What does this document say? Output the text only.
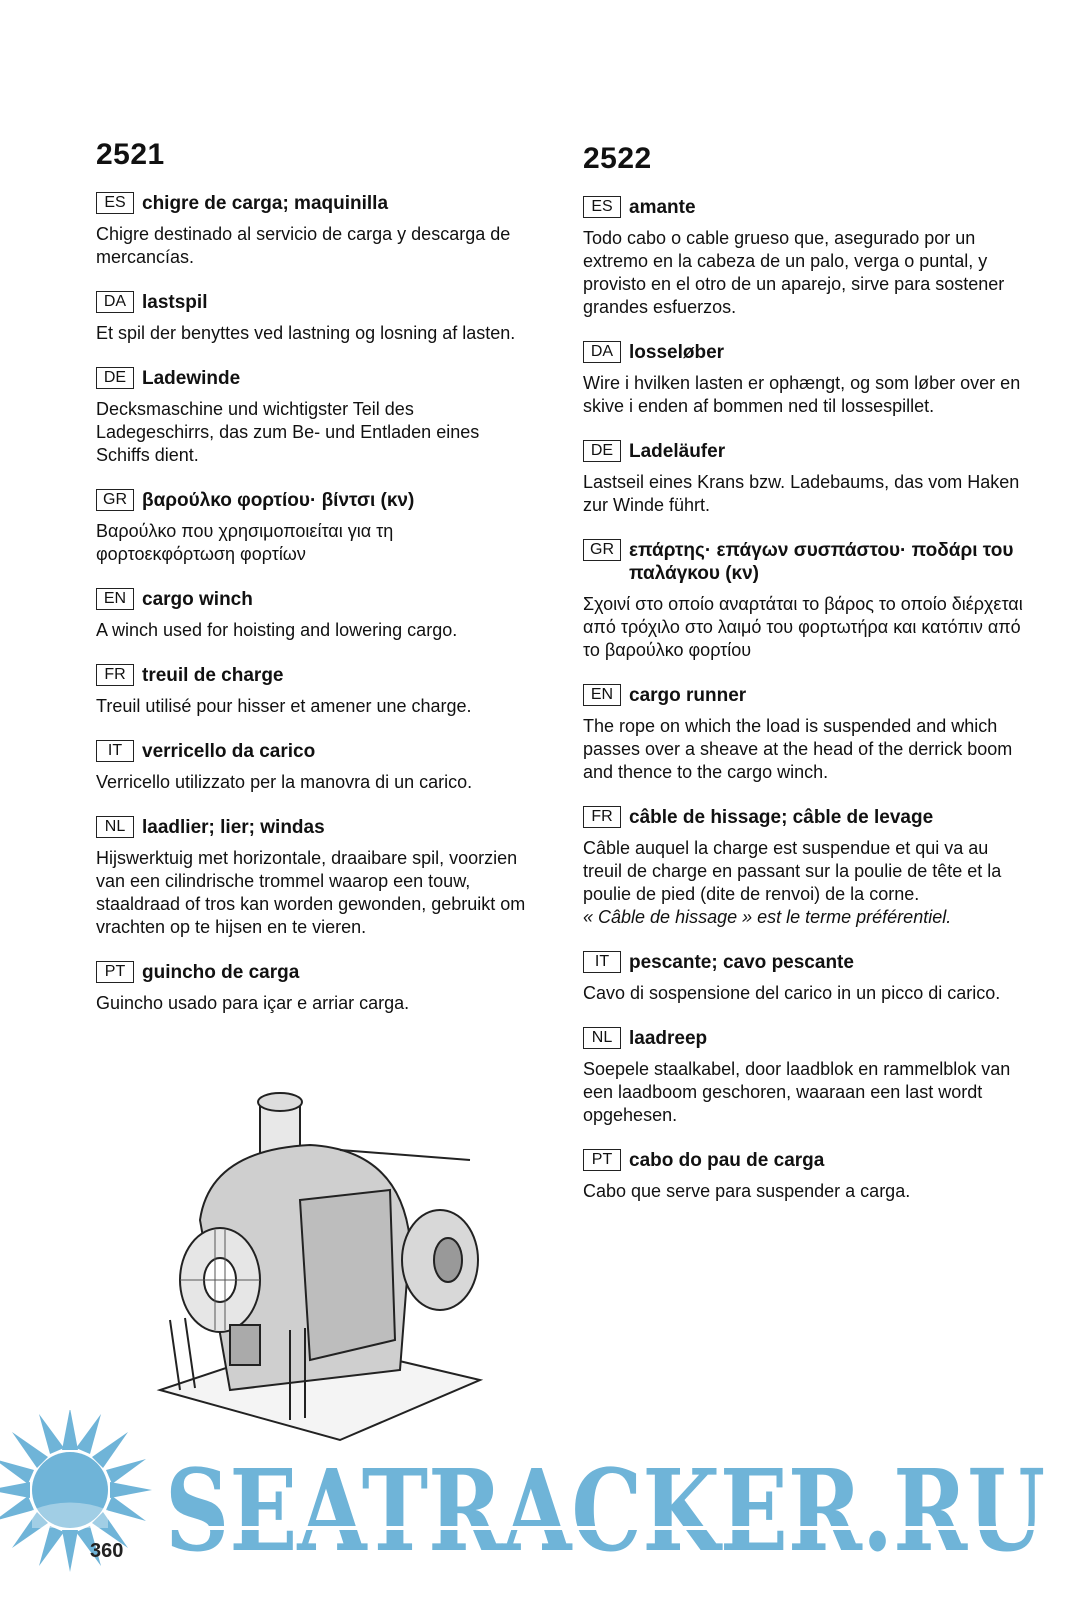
2521
ES chigre de carga; maquinilla
Chigre destinado al servicio de carga y descarga de mercancías.
DA lastspil
Et spil der benyttes ved lastning og losning af lasten.
DE Ladewinde
Decksmaschine und wichtigster Teil des Ladegeschirrs, das zum Be- und Entladen eines Schiffs dient.
GR βαρούλκο φορτίου· βίντσι (κν)
Βαρούλκο που χρησιμοποιείται για τη φορτοεκφόρτωση φορτίων
EN cargo winch
A winch used for hoisting and lowering cargo.
FR treuil de charge
Treuil utilisé pour hisser et amener une charge.
IT	verricello da carico
Verricello utilizzato per la manovra di un carico.
NL laadlier; lier; windas
Hijswerktuig met horizontale, draaibare spil, voorzien van een cilindrische trommel waarop een touw, staaldraad of tros kan worden gewonden, gebruikt om vrachten op te hijsen en te vieren.
PT guincho de carga
Guincho usado para içar e arriar carga.
2522
ES amante
Todo cabo o cable grueso que, asegurado por un extremo en la cabeza de un palo, verga o puntal, y provisto en el otro de un aparejo, sirve para sostener grandes esfuerzos.
DA losseløber
Wire i hvilken lasten er ophængt, og som løber over en skive i enden af bommen ned til lossespillet.
DE Ladeläufer
Lastseil eines Krans bzw. Ladebaums, das vom Haken zur Winde führt.
GR επάρτης· επάγων συσπάστου· ποδάρι του παλάγκου (κν)
Σχοινί στο οποίο αναρτάται το βάρος το οποίο διέρχεται από τρόχιλο στο λαιμό του φορτωτήρα και κατόπιν από το βαρούλκο φορτίου
EN cargo runner
The rope on which the load is suspended and which passes over a sheave at the head of the derrick boom and thence to the cargo winch.
FR câble de hissage; câble de levage
Câble auquel la charge est suspendue et qui va au treuil de charge en passant sur la poulie de tête et la poulie de pied (dite de renvoi) de la corne.
« Câble de hissage » est le terme préférentiel.
IT	pescante; cavo pescante
Cavo di sospensione del carico in un picco di carico.
NL laadreep
Soepele staalkabel, door laadblok en rammelblok van een laadboom geschoren, waaraan een last wordt opgehesen.
PT cabo do pau de carga
Cabo que serve para suspender a carga.
SEATRACKER.RU
360
